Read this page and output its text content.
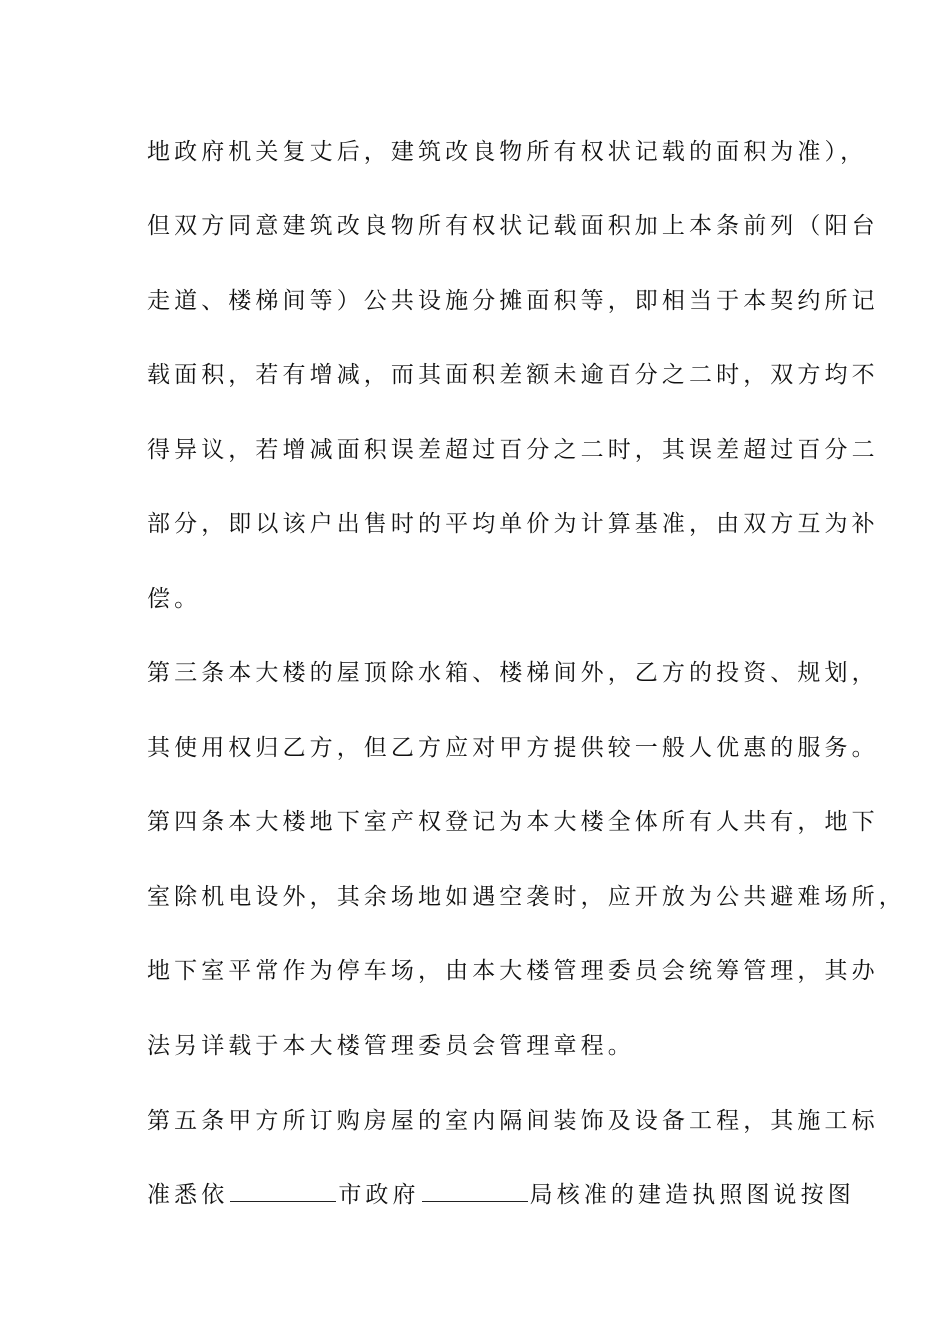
地政府机关复丈后，建筑改良物所有权状记载的面积为准），
但双方同意建筑改良物所有权状记载面积加上本条前列（阳台
走道、楼梯间等）公共设施分摊面积等，即相当于本契约所记
载面积，若有增减，而其面积差额未逾百分之二时，双方均不
得异议，若增减面积误差超过百分之二时，其误差超过百分二
部分，即以该户出售时的平均单价为计算基准，由双方互为补
偿。
第三条本大楼的屋顶除水箱、楼梯间外，乙方的投资、规划，
其使用权归乙方，但乙方应对甲方提供较一般人优惠的服务。
第四条本大楼地下室产权登记为本大楼全体所有人共有，地下
室除机电设外，其余场地如遇空袭时，应开放为公共避难场所，
地下室平常作为停车场，由本大楼管理委员会统筹管理，其办
法另详载于本大楼管理委员会管理章程。
第五条甲方所订购房屋的室内隔间装饰及设备工程，其施工标
准悉依	市政府	局核准的建造执照图说按图
